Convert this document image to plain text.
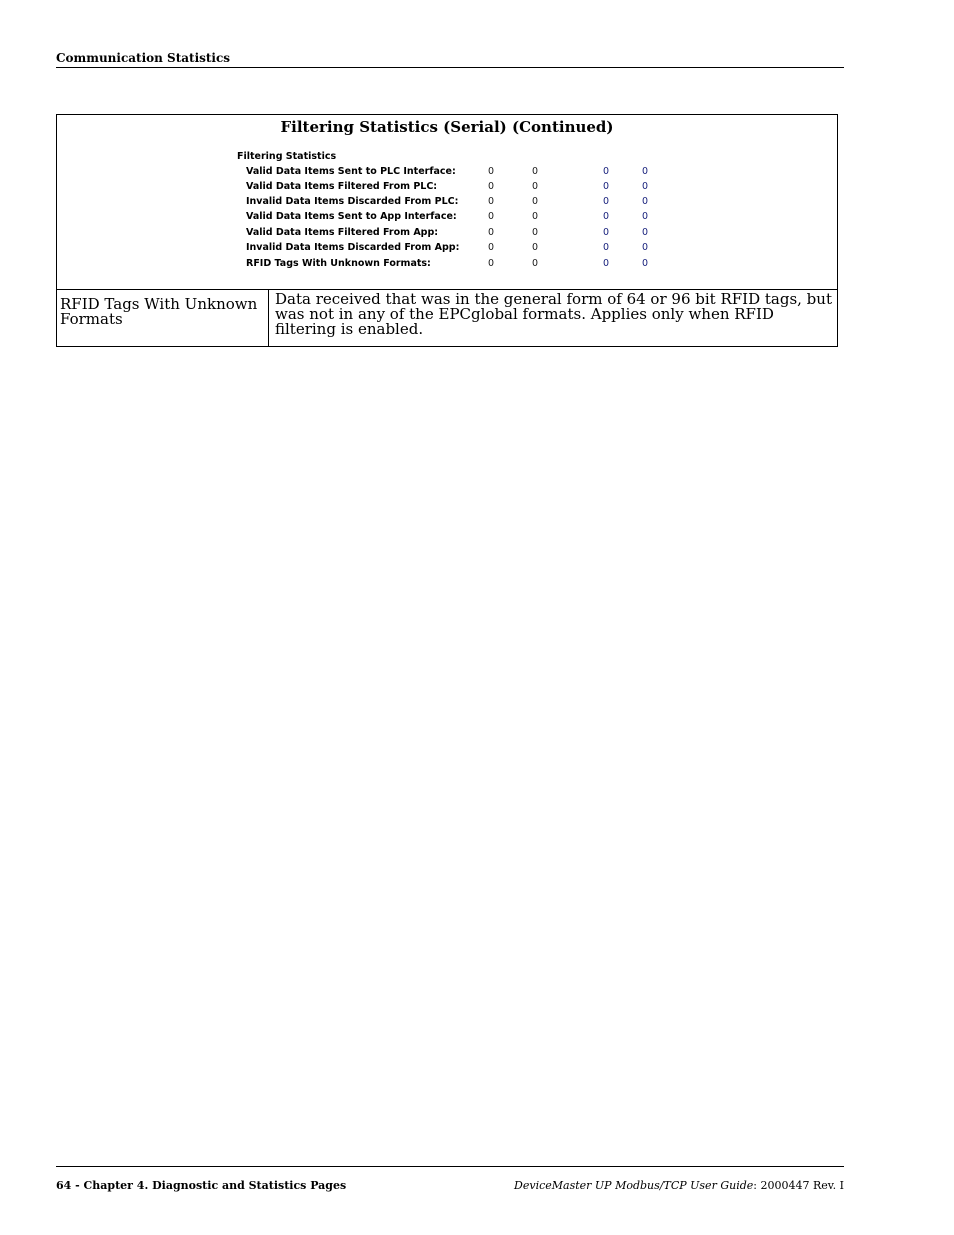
Communication Statistics
Filtering Statistics (Serial) (Continued)
Filtering Statistics
Valid Data Items Sent to PLC Interface:	0	0	0	0
Valid Data Items Filtered From PLC:	0	0	0	0
Invalid Data Items Discarded From PLC:	0	0	0	0
Valid Data Items Sent to App Interface:	0	0	0	0
Valid Data Items Filtered From App:	0	0	0	0
Invalid Data Items Discarded From App:	0	0	0	0
RFID Tags With Unknown Formats:	0	0	0	0
RFID Tags With Unknown Formats
Data received that was in the general form of 64 or 96 bit RFID tags, but was not in any of the EPCglobal formats. Applies only when RFID filtering is enabled.
64 - Chapter 4. Diagnostic and Statistics Pages	DeviceMaster UP Modbus/TCP User Guide: 2000447 Rev. I
